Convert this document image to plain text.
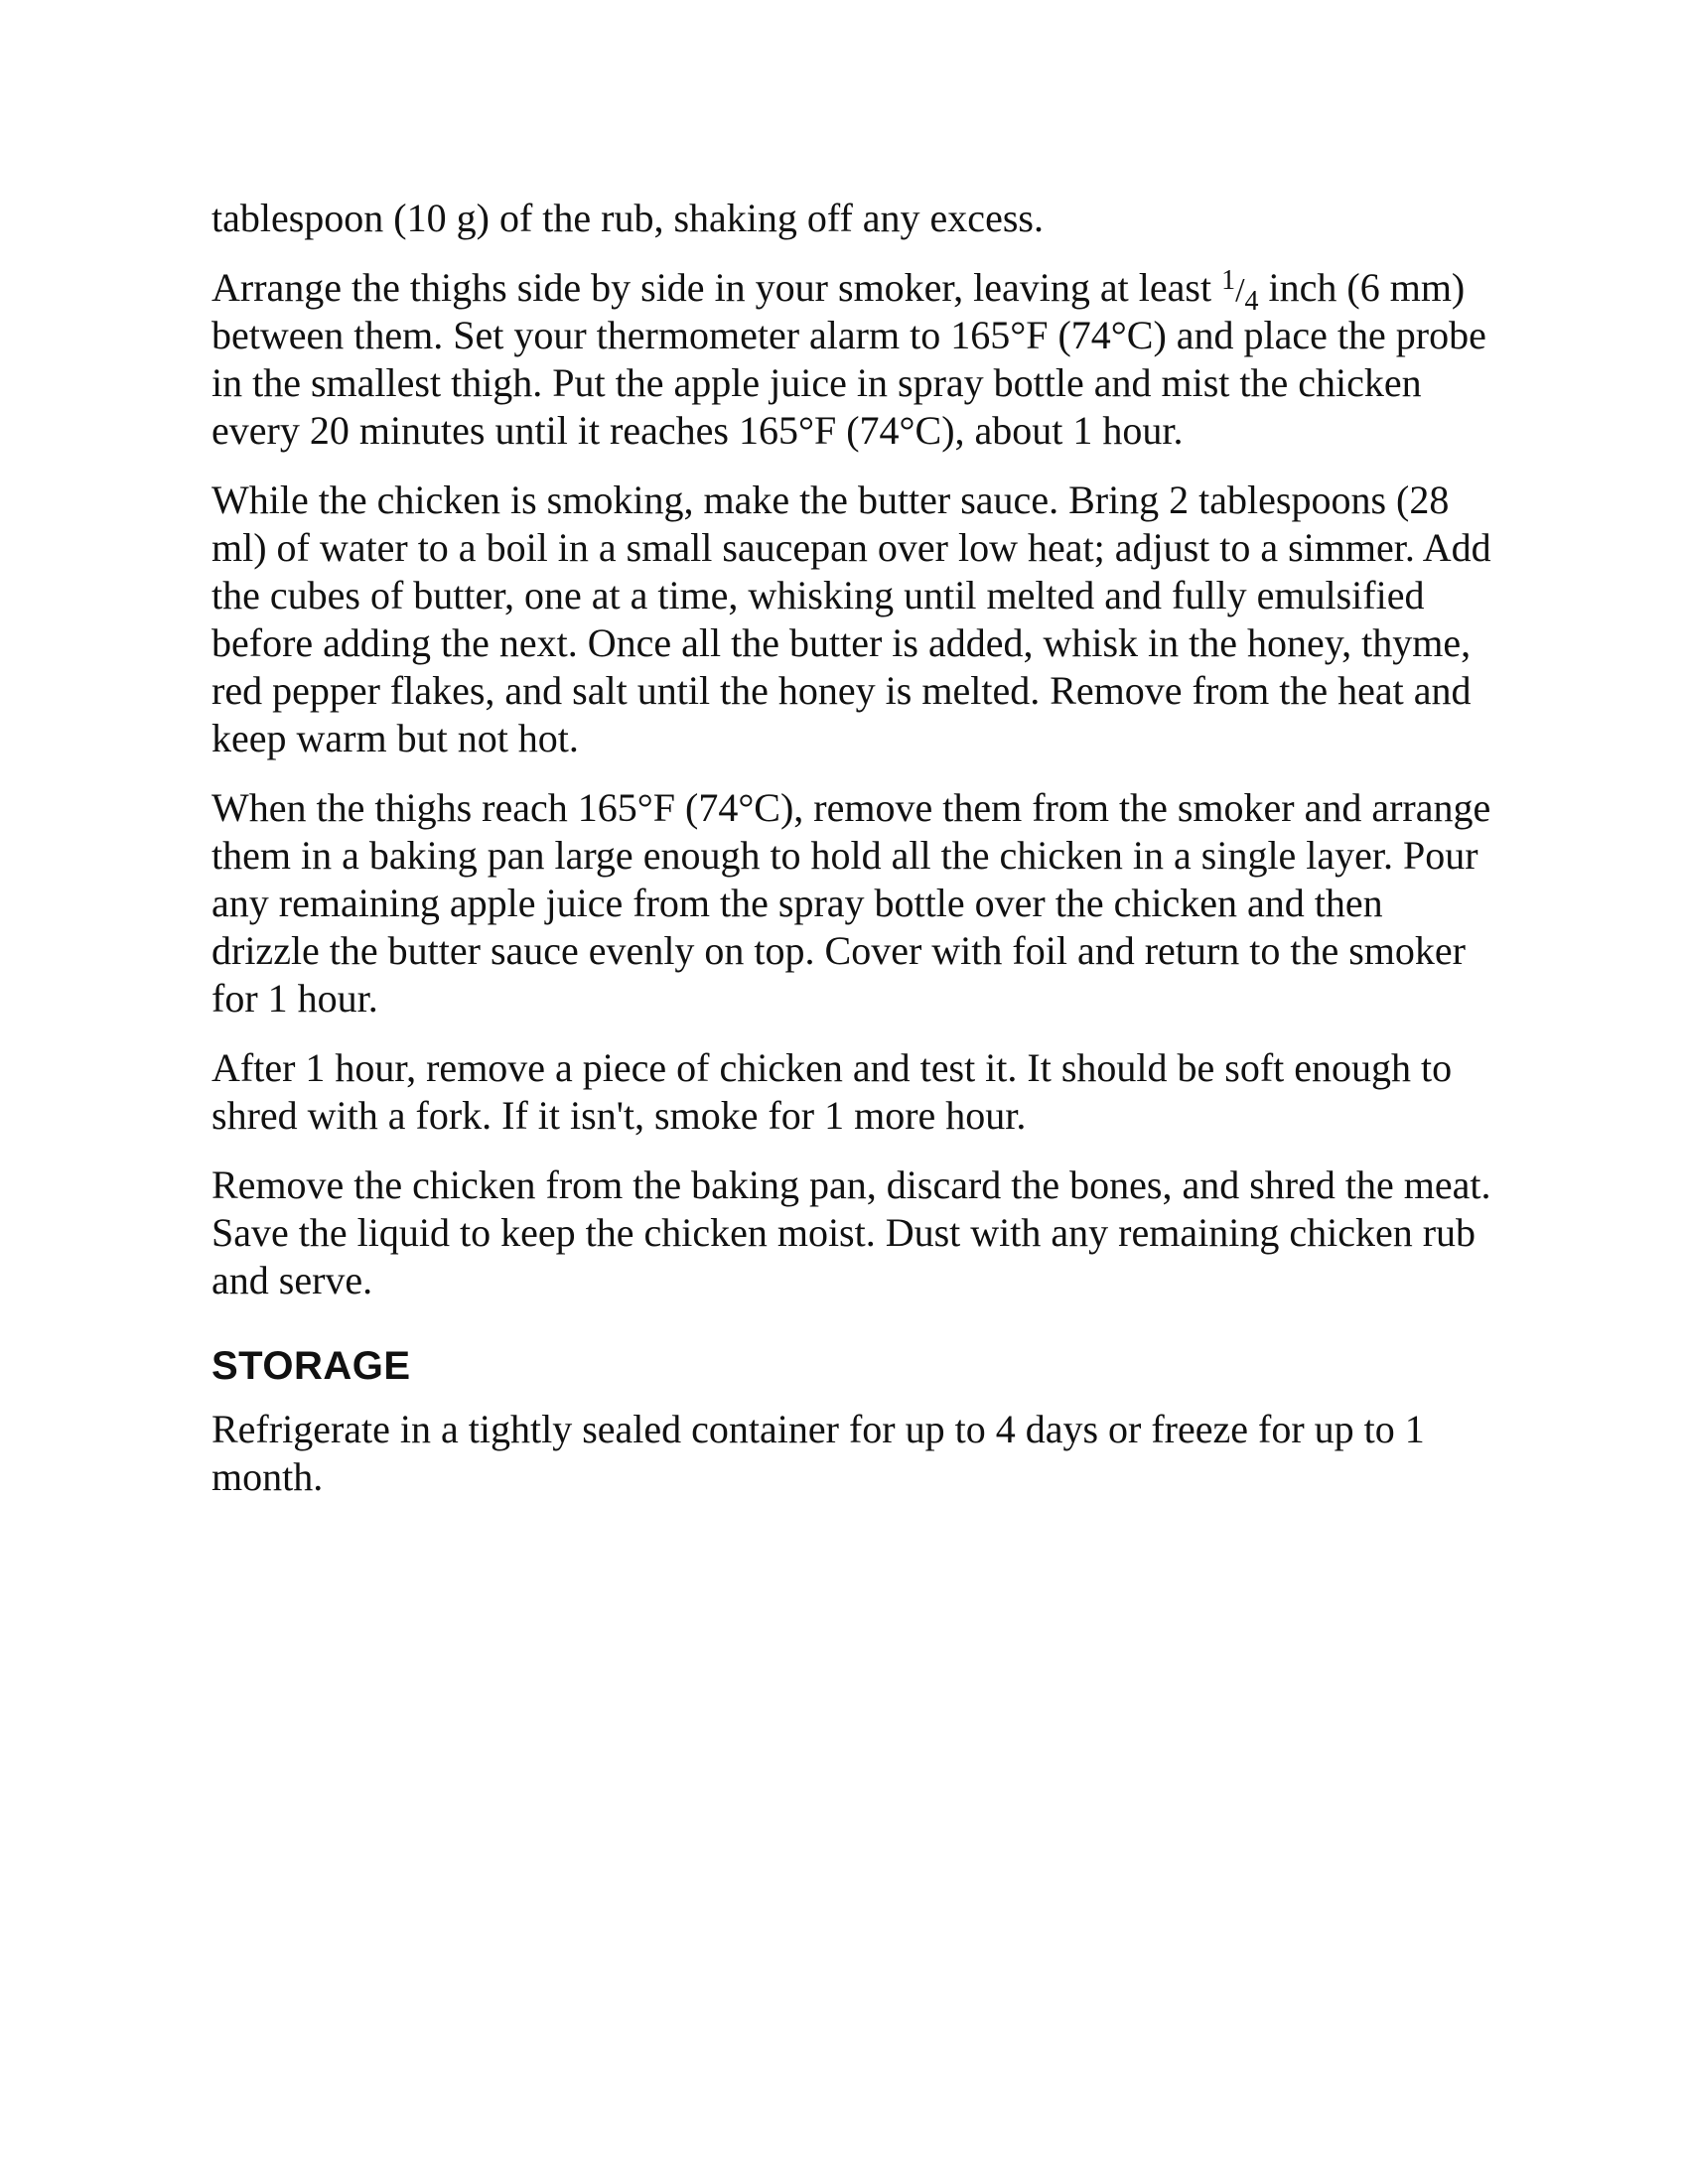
tablespoon (10 g) of the rub, shaking off any excess.

Arrange the thighs side by side in your smoker, leaving at least $^1/_4$ inch (6 mm) between them. Set your thermometer alarm to 165°F (74°C) and place the probe in the smallest thigh. Put the apple juice in spray bottle and mist the chicken every 20 minutes until it reaches 165°F (74°C), about 1 hour.

While the chicken is smoking, make the butter sauce. Bring 2 tablespoons (28 ml) of water to a boil in a small saucepan over low heat; adjust to a simmer. Add the cubes of butter, one at a time, whisking until melted and fully emulsified before adding the next. Once all the butter is added, whisk in the honey, thyme, red pepper flakes, and salt until the honey is melted. Remove from the heat and keep warm but not hot.

When the thighs reach 165°F (74°C), remove them from the smoker and arrange them in a baking pan large enough to hold all the chicken in a single layer. Pour any remaining apple juice from the spray bottle over the chicken and then drizzle the butter sauce evenly on top. Cover with foil and return to the smoker for 1 hour.

After 1 hour, remove a piece of chicken and test it. It should be soft enough to shred with a fork. If it isn't, smoke for 1 more hour.

Remove the chicken from the baking pan, discard the bones, and shred the meat. Save the liquid to keep the chicken moist. Dust with any remaining chicken rub and serve.

STORAGE

Refrigerate in a tightly sealed container for up to 4 days or freeze for up to 1 month.
